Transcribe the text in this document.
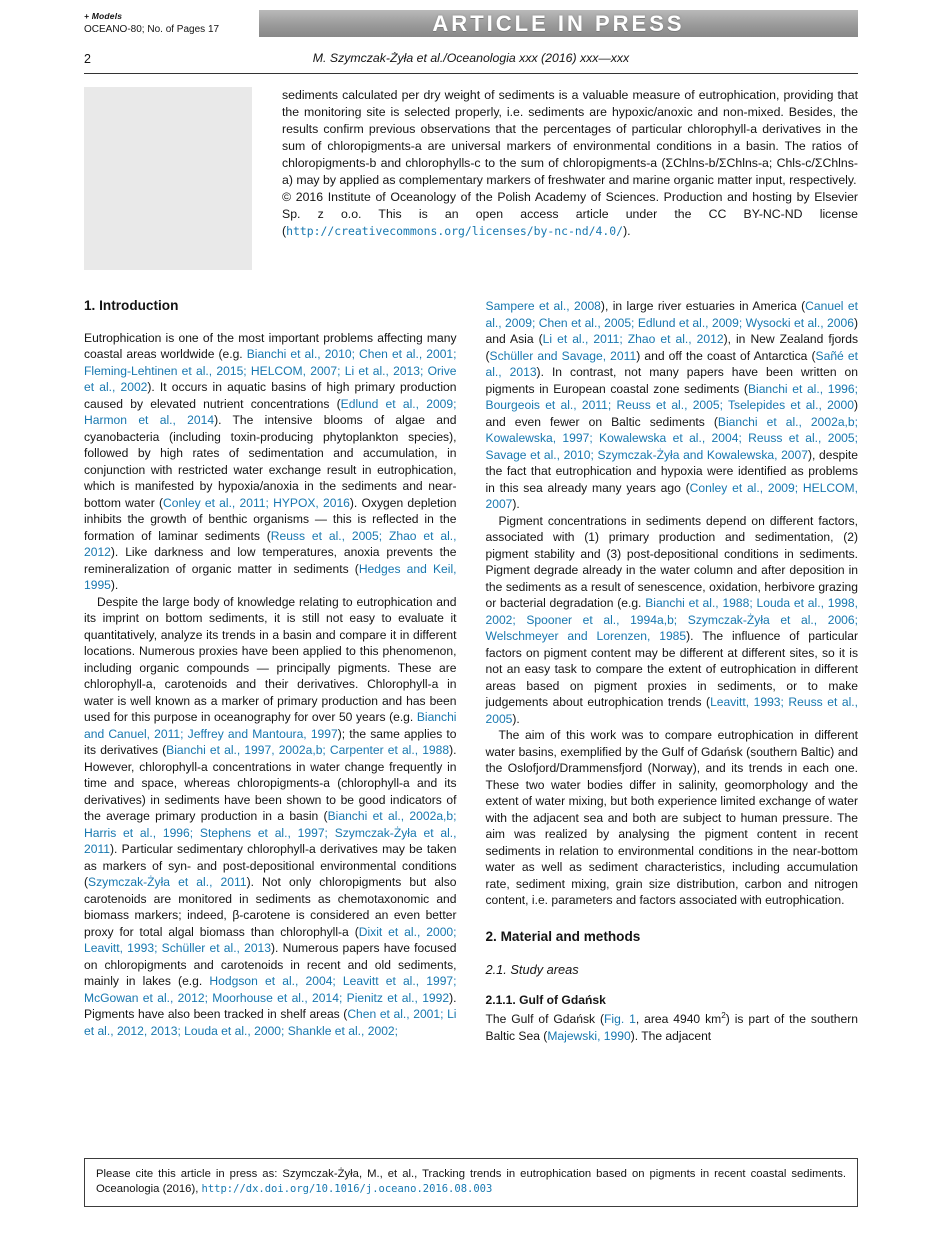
+ Models
OCEANO-80; No. of Pages 17	ARTICLE IN PRESS
2	M. Szymczak-Żyła et al./Oceanologia xxx (2016) xxx—xxx

sediments calculated per dry weight of sediments is a valuable measure of eutrophication, providing that the monitoring site is selected properly, i.e. sediments are hypoxic/anoxic and non-mixed. Besides, the results confirm previous observations that the percentages of particular chlorophyll-a derivatives in the sum of chloropigments-a are universal markers of environmental conditions in a basin. The ratios of chloropigments-b and chlorophylls-c to the sum of chloropigments-a (ΣChlns-b/ΣChlns-a; Chls-c/ΣChlns-a) may by applied as complementary markers of freshwater and marine organic matter input, respectively.

© 2016 Institute of Oceanology of the Polish Academy of Sciences. Production and hosting by Elsevier Sp. z o.o. This is an open access article under the CC BY-NC-ND license (http://creativecommons.org/licenses/by-nc-nd/4.0/).

1. Introduction

Eutrophication is one of the most important problems affecting many coastal areas worldwide (e.g. Bianchi et al., 2010; Chen et al., 2001; Fleming-Lehtinen et al., 2015; HELCOM, 2007; Li et al., 2013; Orive et al., 2002). It occurs in aquatic basins of high primary production caused by elevated nutrient concentrations (Edlund et al., 2009; Harmon et al., 2014). The intensive blooms of algae and cyanobacteria (including toxin-producing phytoplankton species), followed by high rates of sedimentation and accumulation, in conjunction with restricted water exchange result in eutrophication, which is manifested by hypoxia/anoxia in the sediments and near-bottom water (Conley et al., 2011; HYPOX, 2016). Oxygen depletion inhibits the growth of benthic organisms — this is reflected in the formation of laminar sediments (Reuss et al., 2005; Zhao et al., 2012). Like darkness and low temperatures, anoxia prevents the remineralization of organic matter in sediments (Hedges and Keil, 1995).

Despite the large body of knowledge relating to eutrophication and its imprint on bottom sediments, it is still not easy to evaluate it quantitatively, analyze its trends in a basin and compare it in different locations. Numerous proxies have been applied to this phenomenon, including organic compounds — principally pigments. These are chlorophyll-a, carotenoids and their derivatives. Chlorophyll-a in water is well known as a marker of primary production and has been used for this purpose in oceanography for over 50 years (e.g. Bianchi and Canuel, 2011; Jeffrey and Mantoura, 1997); the same applies to its derivatives (Bianchi et al., 1997, 2002a,b; Carpenter et al., 1988). However, chlorophyll-a concentrations in water change frequently in time and space, whereas chloropigments-a (chlorophyll-a and its derivatives) in sediments have been shown to be good indicators of the average primary production in a basin (Bianchi et al., 2002a,b; Harris et al., 1996; Stephens et al., 1997; Szymczak-Żyła et al., 2011). Particular sedimentary chlorophyll-a derivatives may be taken as markers of syn- and post-depositional environmental conditions (Szymczak-Żyła et al., 2011). Not only chloropigments but also carotenoids are monitored in sediments as chemotaxonomic and biomass markers; indeed, β-carotene is considered an even better proxy for total algal biomass than chlorophyll-a (Dixit et al., 2000; Leavitt, 1993; Schüller et al., 2013). Numerous papers have focused on chloropigments and carotenoids in recent and old sediments, mainly in lakes (e.g. Hodgson et al., 2004; Leavitt et al., 1997; McGowan et al., 2012; Moorhouse et al., 2014; Pienitz et al., 1992). Pigments have also been tracked in shelf areas (Chen et al., 2001; Li et al., 2012, 2013; Louda et al., 2000; Shankle et al., 2002;

Sampere et al., 2008), in large river estuaries in America (Canuel et al., 2009; Chen et al., 2005; Edlund et al., 2009; Wysocki et al., 2006) and Asia (Li et al., 2011; Zhao et al., 2012), in New Zealand fjords (Schüller and Savage, 2011) and off the coast of Antarctica (Sañé et al., 2013). In contrast, not many papers have been written on pigments in European coastal zone sediments (Bianchi et al., 1996; Bourgeois et al., 2011; Reuss et al., 2005; Tselepides et al., 2000) and even fewer on Baltic sediments (Bianchi et al., 2002a,b; Kowalewska, 1997; Kowalewska et al., 2004; Reuss et al., 2005; Savage et al., 2010; Szymczak-Żyła and Kowalewska, 2007), despite the fact that eutrophication and hypoxia were identified as problems in this sea already many years ago (Conley et al., 2009; HELCOM, 2007).

Pigment concentrations in sediments depend on different factors, associated with (1) primary production and sedimentation, (2) pigment stability and (3) post-depositional conditions in sediments. Pigment degrade already in the water column and after deposition in the sediments as a result of senescence, oxidation, herbivore grazing or bacterial degradation (e.g. Bianchi et al., 1988; Louda et al., 1998, 2002; Spooner et al., 1994a,b; Szymczak-Żyła et al., 2006; Welschmeyer and Lorenzen, 1985). The influence of particular factors on pigment content may be different at different sites, so it is not an easy task to compare the extent of eutrophication in different areas based on pigment proxies in sediments, or to make judgements about eutrophication trends (Leavitt, 1993; Reuss et al., 2005).

The aim of this work was to compare eutrophication in different water basins, exemplified by the Gulf of Gdańsk (southern Baltic) and the Oslofjord/Drammensfjord (Norway), and its trends in each one. These two water bodies differ in salinity, geomorphology and the extent of water mixing, but both experience limited exchange of water with the adjacent sea and both are subject to human pressure. The aim was realized by analysing the pigment content in recent sediments in relation to environmental conditions in the near-bottom water as well as sediment characteristics, including accumulation rate, sediment mixing, grain size distribution, carbon and nitrogen content, i.e. parameters and factors associated with eutrophication.

2. Material and methods
2.1. Study areas
2.1.1. Gulf of Gdańsk

The Gulf of Gdańsk (Fig. 1, area 4940 $km^2$) is part of the southern Baltic Sea (Majewski, 1990). The adjacent

Please cite this article in press as: Szymczak-Żyła, M., et al., Tracking trends in eutrophication based on pigments in recent coastal sediments. Oceanologia (2016), http://dx.doi.org/10.1016/j.oceano.2016.08.003
